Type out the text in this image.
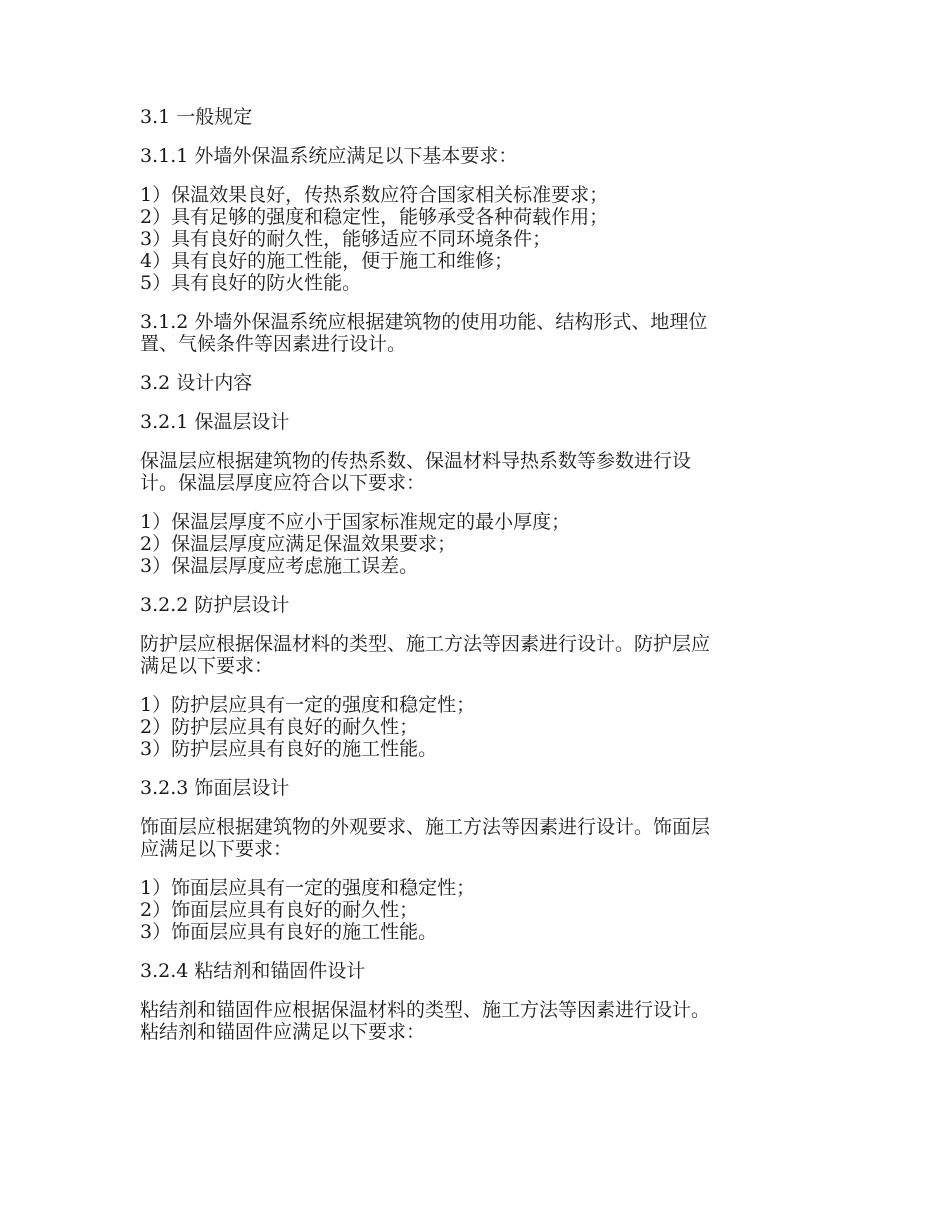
3.1 一般规定
3.1.1 外墙外保温系统应满足以下基本要求：
1）保温效果良好，传热系数应符合国家相关标准要求；
2）具有足够的强度和稳定性，能够承受各种荷载作用；
3）具有良好的耐久性，能够适应不同环境条件；
4）具有良好的施工性能，便于施工和维修；
5）具有良好的防火性能。
3.1.2 外墙外保温系统应根据建筑物的使用功能、结构形式、地理位
置、气候条件等因素进行设计。
3.2 设计内容
3.2.1 保温层设计
保温层应根据建筑物的传热系数、保温材料导热系数等参数进行设
计。保温层厚度应符合以下要求：
1）保温层厚度不应小于国家标准规定的最小厚度；
2）保温层厚度应满足保温效果要求；
3）保温层厚度应考虑施工误差。
3.2.2 防护层设计
防护层应根据保温材料的类型、施工方法等因素进行设计。防护层应
满足以下要求：
1）防护层应具有一定的强度和稳定性；
2）防护层应具有良好的耐久性；
3）防护层应具有良好的施工性能。
3.2.3 饰面层设计
饰面层应根据建筑物的外观要求、施工方法等因素进行设计。饰面层
应满足以下要求：
1）饰面层应具有一定的强度和稳定性；
2）饰面层应具有良好的耐久性；
3）饰面层应具有良好的施工性能。
3.2.4 粘结剂和锚固件设计
粘结剂和锚固件应根据保温材料的类型、施工方法等因素进行设计。
粘结剂和锚固件应满足以下要求：
